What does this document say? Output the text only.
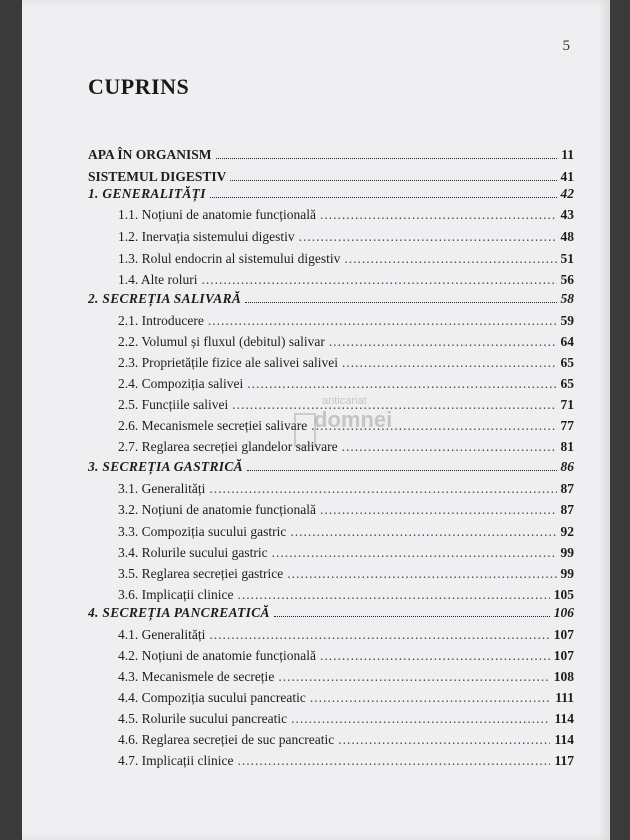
5
CUPRINS
APA ÎN ORGANISM	11
SISTEMUL DIGESTIV	41
1. GENERALITĂȚI	42
1.1. Noțiuni de anatomie funcțională .....	43
1.2. Inervația sistemului digestiv .....	48
1.3. Rolul endocrin al sistemului digestiv .....	51
1.4. Alte roluri .....	56
2. SECREȚIA SALIVARĂ	58
2.1. Introducere .....	59
2.2. Volumul și fluxul (debitul) salivar .....	64
2.3. Proprietățile fizice ale salivei salivei .....	65
2.4. Compoziția salivei .....	65
2.5. Funcțiile salivei .....	71
2.6. Mecanismele secreției salivare .....	77
2.7. Reglarea secreției glandelor salivare .....	81
3. SECREȚIA GASTRICĂ	86
3.1. Generalități .....	87
3.2. Noțiuni de anatomie funcțională .....	87
3.3. Compoziția sucului gastric .....	92
3.4. Rolurile sucului gastric .....	99
3.5. Reglarea secreției gastrice .....	99
3.6. Implicații clinice .....	105
4. SECREȚIA PANCREATICĂ	106
4.1. Generalități .....	107
4.2. Noțiuni de anatomie funcțională .....	107
4.3. Mecanismele de secreție .....	108
4.4. Compoziția sucului pancreatic .....	111
4.5. Rolurile sucului pancreatic .....	114
4.6. Reglarea secreției de suc pancreatic .....	114
4.7. Implicații clinice .....	117
anticariat
domnei
